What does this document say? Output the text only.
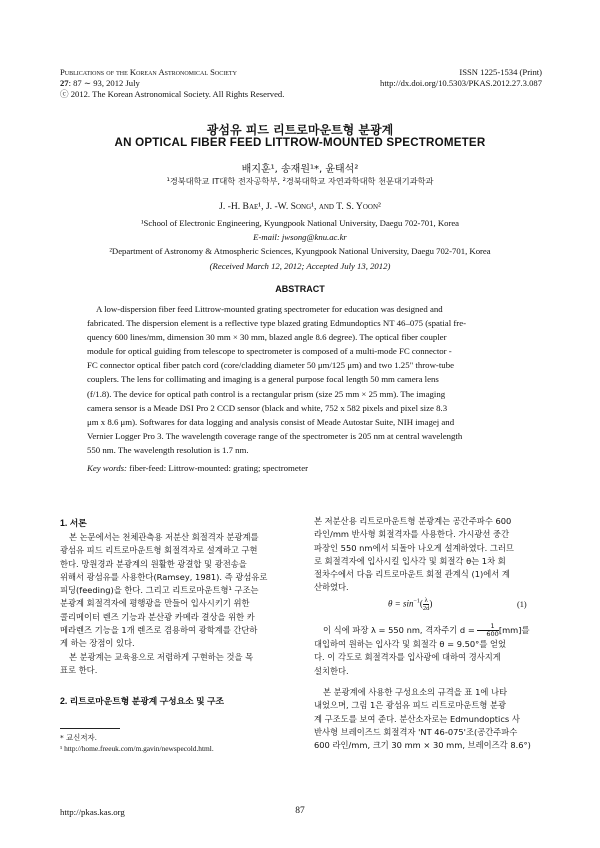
Publications of the Korean Astronomical Society
27: 87 ∼ 93, 2012 July
ⓒ 2012. The Korean Astronomical Society. All Rights Reserved.
ISSN 1225-1534 (Print)
http://dx.doi.org/10.5303/PKAS.2012.27.3.087
광섬유 피드 리트로마운트형 분광계
AN OPTICAL FIBER FEED LITTROW-MOUNTED SPECTROMETER
배지훈¹, 송재원¹*, 윤태석²
¹경북대학교 IT대학 전자공학부, ²경북대학교 자연과학대학 천문대기과학과
J. -H. Bae¹, J. -W. Song¹, and T. S. Yoon²
¹School of Electronic Engineering, Kyungpook National University, Daegu 702-701, Korea
E-mail: jwsong@knu.ac.kr
²Department of Astronomy & Atmospheric Sciences, Kyungpook National University, Daegu 702-701, Korea
(Received March 12, 2012; Accepted July 13, 2012)
ABSTRACT

A low-dispersion fiber feed Littrow-mounted grating spectrometer for education was designed and

fabricated. The dispersion element is a reflective type blazed grating Edmundoptics NT 46–075 (spatial fre-

quency 600 lines/mm, dimension 30 mm × 30 mm, blazed angle 8.6 degree). The optical fiber coupler

module for optical guiding from telescope to spectrometer is composed of a multi-mode FC connector -

FC connector optical fiber patch cord (core/cladding diameter 50 μm/125 μm) and two 1.25" throw-tube

couplers. The lens for collimating and imaging is a general purpose focal length 50 mm camera lens

(f/1.8). The device for optical path control is a rectangular prism (size 25 mm × 25 mm). The imaging

camera sensor is a Meade DSI Pro 2 CCD sensor (black and white, 752 x 582 pixels and pixel size 8.3

μm x 8.6 μm). Softwares for data logging and analysis consist of Meade Autostar Suite, NIH imagej and

Vernier Logger Pro 3. The wavelength coverage range of the spectrometer is 205 nm at central wavelength

550 nm. The wavelength resolution is 1.7 nm.

Key words: fiber-feed: Littrow-mounted: grating; spectrometer
1. 서론

본 논문에서는 천체관측용 저분산 회절격자 분광계를

광섬유 피드 리트로마운트형 회절격자로 설계하고 구현

한다. 망원경과 분광계의 원활한 광결합 및 광전송을

위해서 광섬유를 사용한다(Ramsey, 1981). 즉 광섬유로

피딩(feeding)을 한다. 그리고 리트로마운트형¹ 구조는

분광계 회절격자에 평행광을 만들어 입사시키기 위한

콜리메이터 렌즈 기능과 분산광 카메라 결상을 위한 카

메라렌즈 기능을 1개 렌즈로 겸용하여 광학계를 간단하

게 하는 장점이 있다.

본 분광계는 교육용으로 저렴하게 구현하는 것을 목

표로 한다.

2. 리트로마운트형 분광계 구성요소 및 구조
* 교신저자.
¹ http://home.freeuk.com/m.gavin/newspecold.html.

본 저분산용 리트로마운트형 분광계는 공간주파수 600

라인/mm 반사형 회절격자를 사용한다. 가시광선 중간

파장인 550 nm에서 되돌아 나오게 설계하였다. 그러므

로 회절격자에 입사시킬 입사각 및 회절각 θ는 1차 회

절차수에서 다음 리트로마운트 회절 관계식 (1)에서 계

산하였다.

$\theta = \sin^{-1}( \frac{\lambda}{2d}$ )	(1)

이 식에 파장 λ = 550 nm, 격자주기 $d = \frac{1}{600} [mm]$를

대입하여 원하는 입사각 및 회절각 θ = 9.50°를 얻었

다. 이 각도로 회절격자를 입사광에 대하여 경사지게

설치한다.

본 분광계에 사용한 구성요소의 규격을 표 1에 나타

내었으며, 그림 1은 광섬유 피드 리트로마운트형 분광

계 구조도를 보여 준다. 분산소자로는 Edmundoptics 사

반사형 브레이즈드 회절격자 'NT 46-075'조(공간주파수

600 라인/mm, 크기 30 mm × 30 mm, 브레이즈각 8.6°)

http://pkas.kas.org	87
